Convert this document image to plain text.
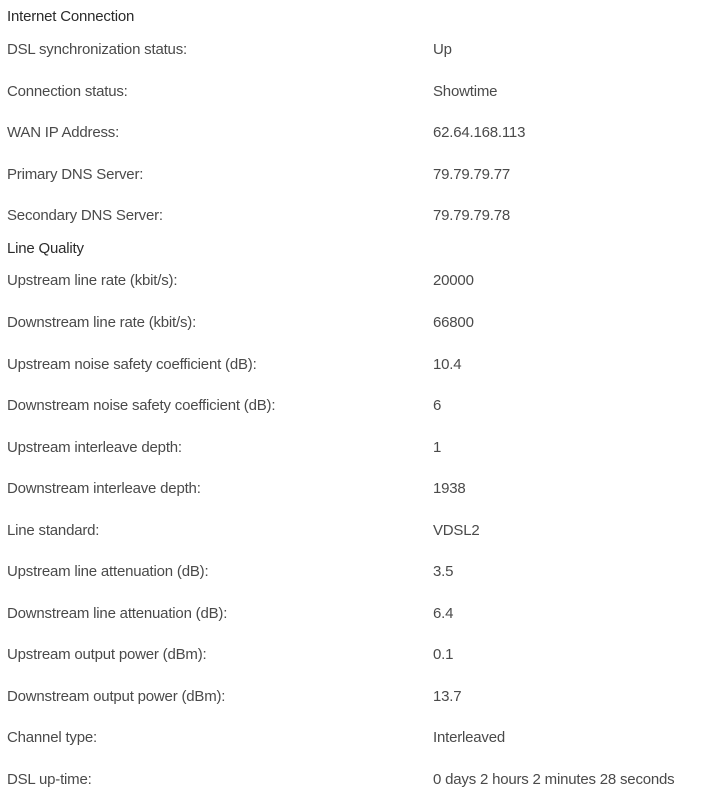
Internet Connection
DSL synchronization status:	Up
Connection status:	Showtime
WAN IP Address:	62.64.168.113
Primary DNS Server:	79.79.79.77
Secondary DNS Server:	79.79.79.78
Line Quality
Upstream line rate (kbit/s):	20000
Downstream line rate (kbit/s):	66800
Upstream noise safety coefficient (dB):	10.4
Downstream noise safety coefficient (dB):	6
Upstream interleave depth:	1
Downstream interleave depth:	1938
Line standard:	VDSL2
Upstream line attenuation (dB):	3.5
Downstream line attenuation (dB):	6.4
Upstream output power (dBm):	0.1
Downstream output power (dBm):	13.7
Channel type:	Interleaved
DSL up-time:	0 days 2 hours 2 minutes 28 seconds
